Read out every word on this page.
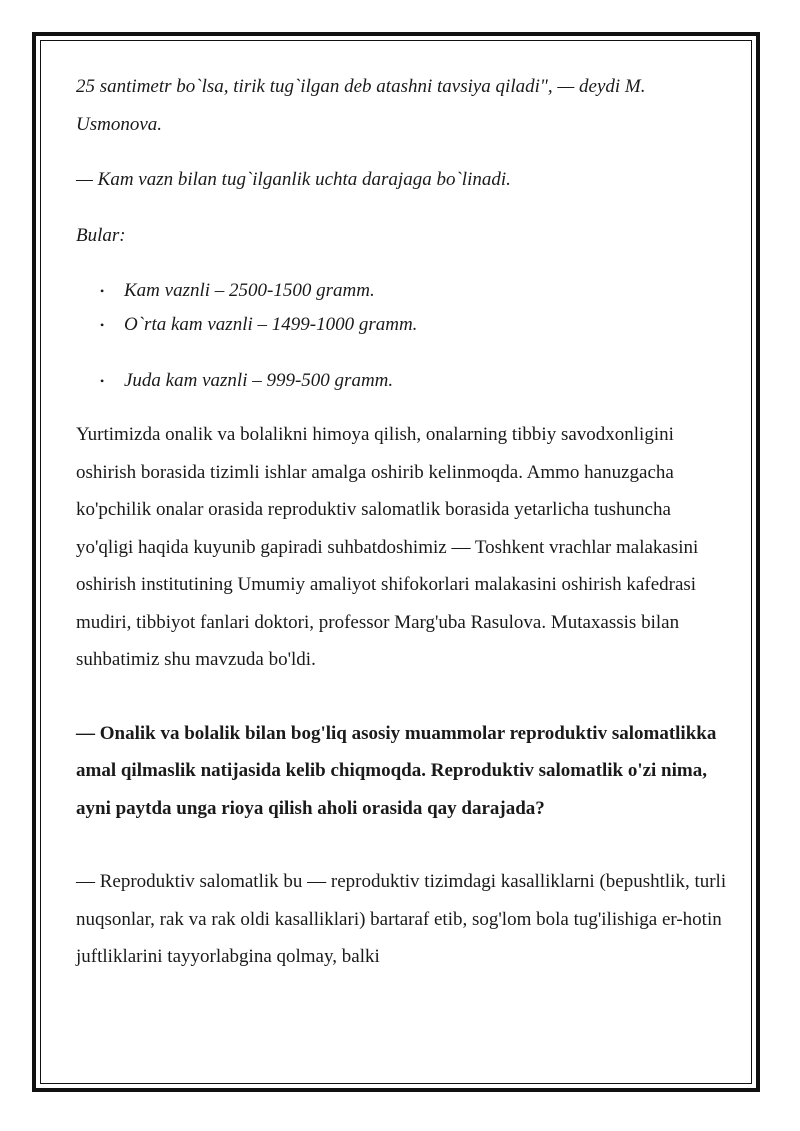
25 santimetr bo`lsa, tirik tug`ilgan deb atashni tavsiya qiladi", — deydi M. Usmonova.

— Kam vazn bilan tug`ilganlik uchta darajaga bo`linadi.

Bular:

• Kam vaznli – 2500-1500 gramm.
• O`rta kam vaznli – 1499-1000 gramm.
• Juda kam vaznli – 999-500 gramm.

Yurtimizda onalik va bolalikni himoya qilish, onalarning tibbiy savodxonligini oshirish borasida tizimli ishlar amalga oshirib kelinmoqda. Ammo hanuzgacha ko'pchilik onalar orasida reproduktiv salomatlik borasida yetarlicha tushuncha yo'qligi haqida kuyunib gapiradi suhbatdoshimiz — Toshkent vrachlar malakasini oshirish institutining Umumiy amaliyot shifokorlari malakasini oshirish kafedrasi mudiri, tibbiyot fanlari doktori, professor Marg'uba Rasulova. Mutaxassis bilan suhbatimiz shu mavzuda bo'ldi.

— Onalik va bolalik bilan bog'liq asosiy muammolar reproduktiv salomatlikka amal qilmaslik natijasida kelib chiqmoqda. Reproduktiv salomatlik o'zi nima, ayni paytda unga rioya qilish aholi orasida qay darajada?

— Reproduktiv salomatlik bu — reproduktiv tizimdagi kasalliklarni (bepushtlik, turli nuqsonlar, rak va rak oldi kasalliklari) bartaraf etib, sog'lom bola tug'ilishiga er-hotin juftliklarini tayyorlabgina qolmay, balki
